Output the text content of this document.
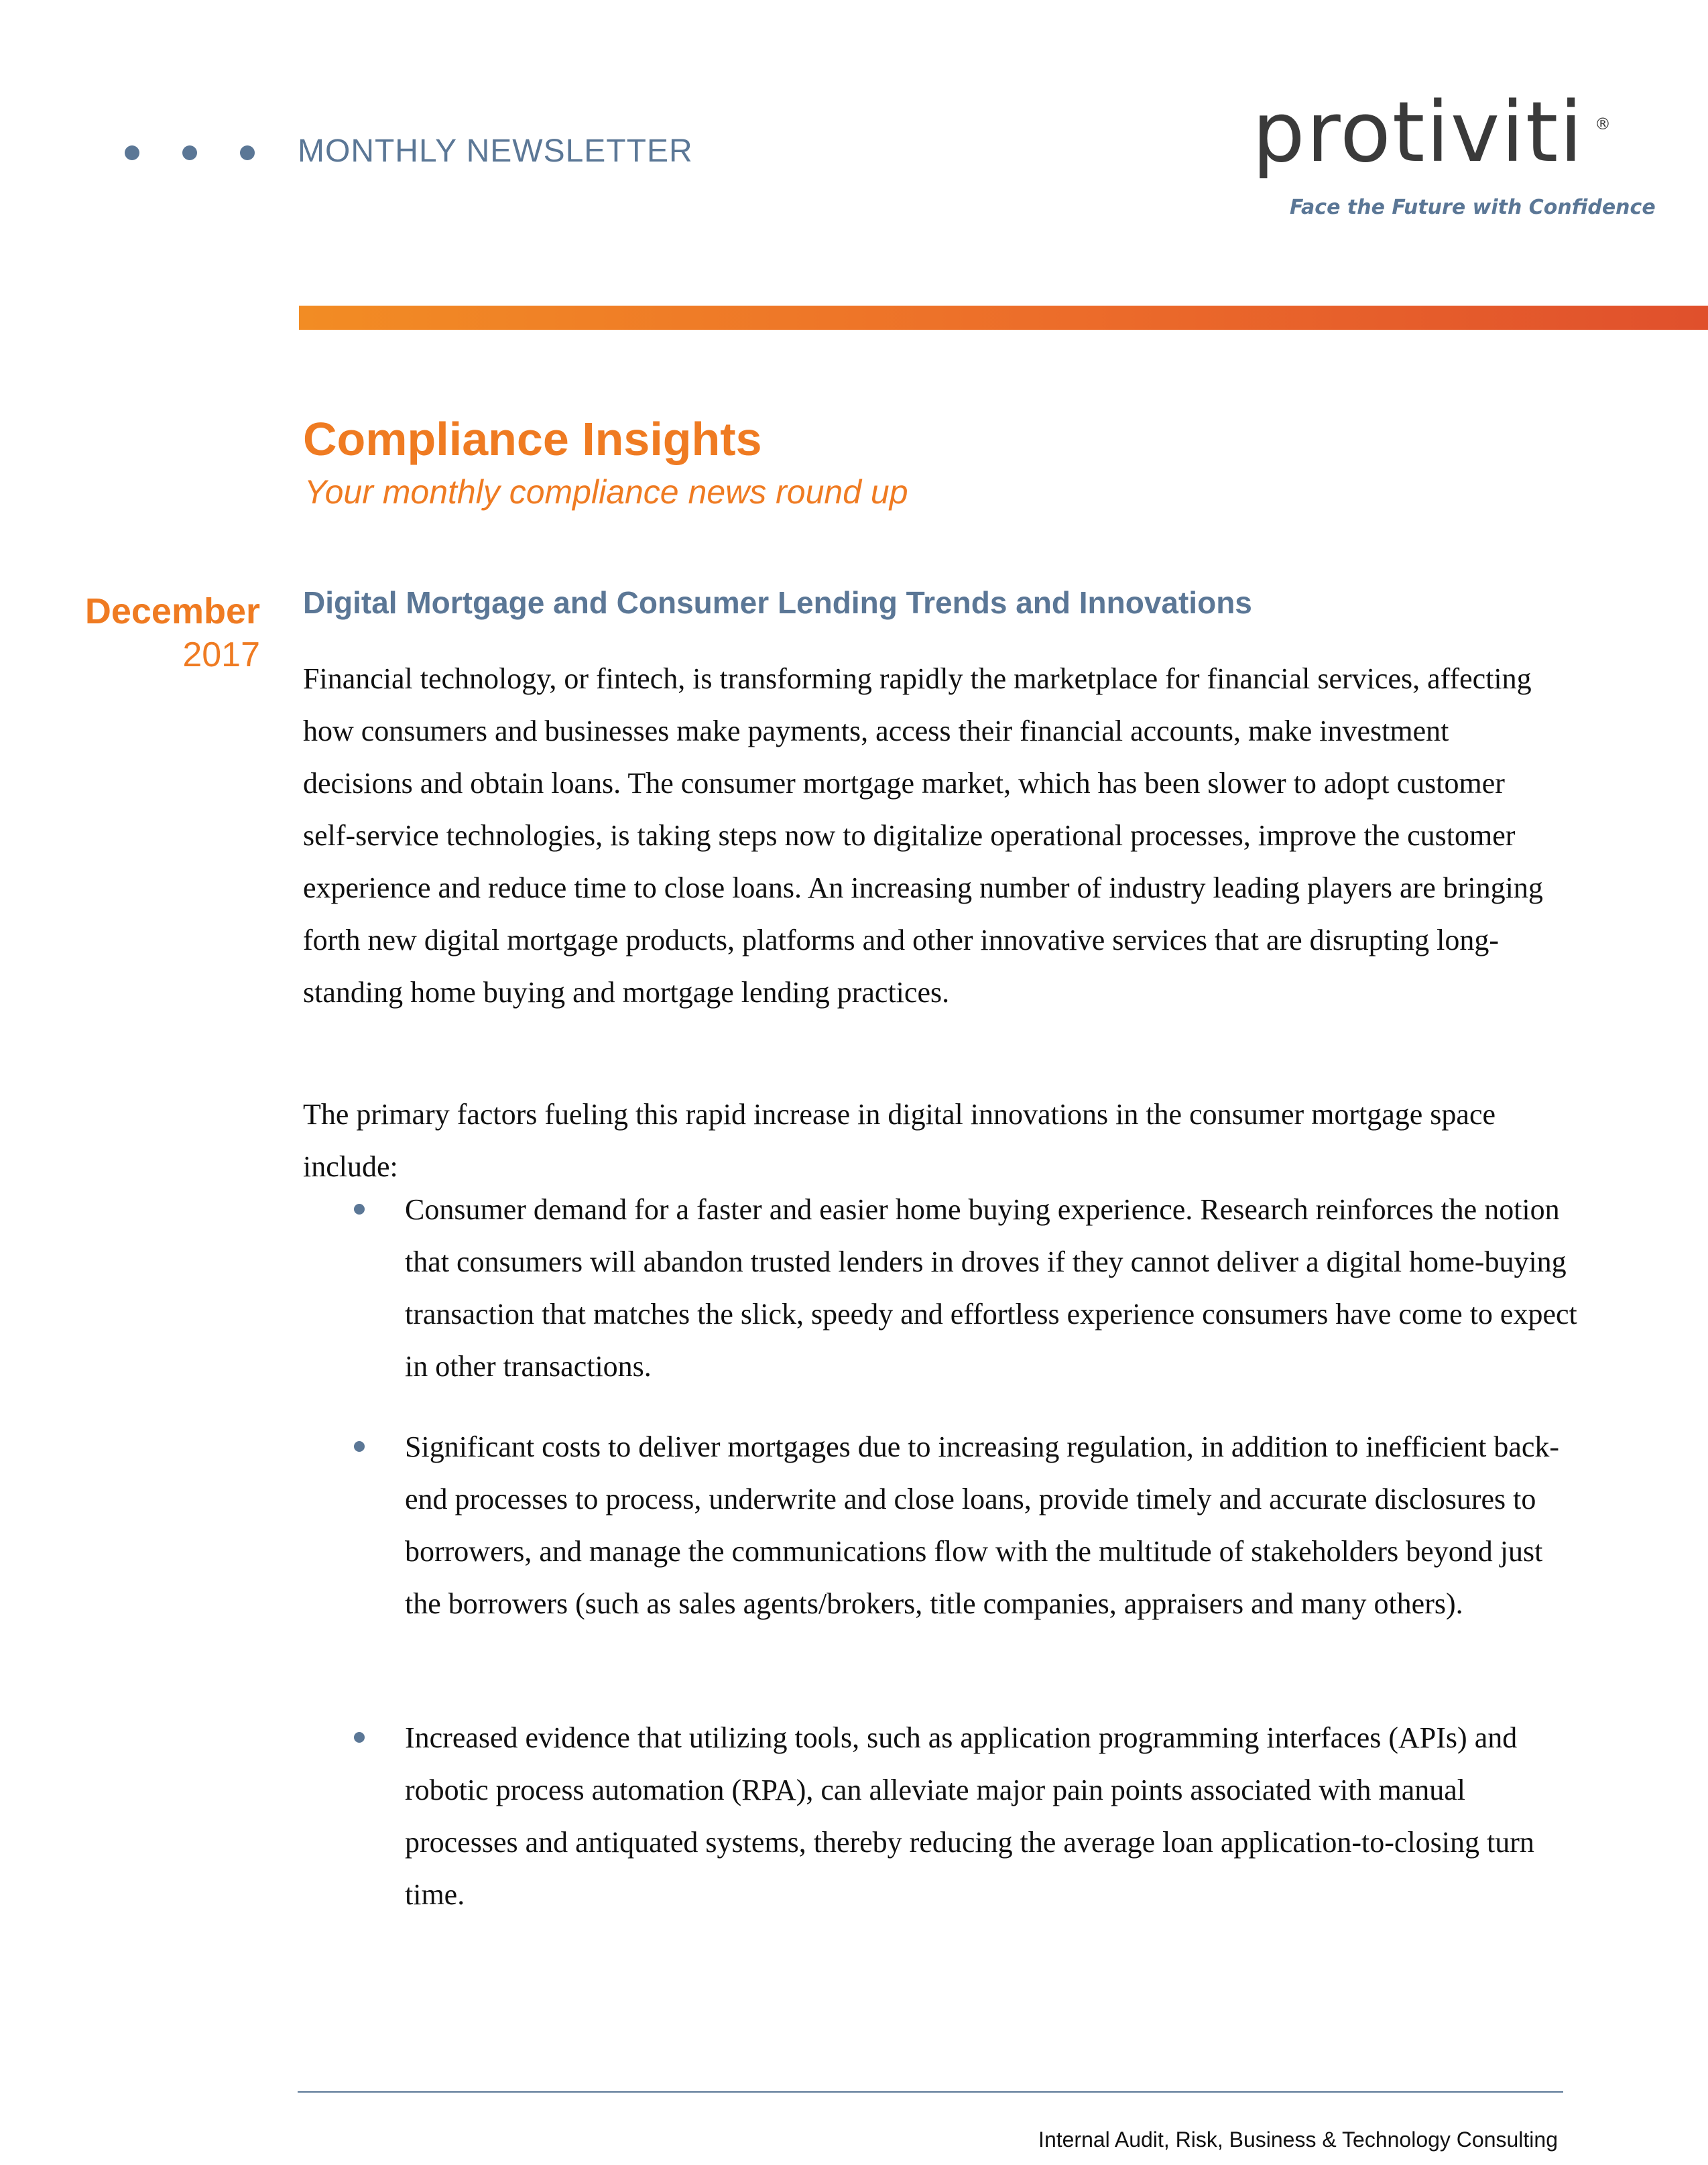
MONTHLY NEWSLETTER	protiviti ®
Face the Future with Confidence
Compliance Insights
Your monthly compliance news round up
December
2017
Digital Mortgage and Consumer Lending Trends and Innovations

Financial technology, or fintech, is transforming rapidly the marketplace for financial services, affecting how consumers and businesses make payments, access their financial accounts, make investment decisions and obtain loans. The consumer mortgage market, which has been slower to adopt customer self-service technologies, is taking steps now to digitalize operational processes, improve the customer experience and reduce time to close loans. An increasing number of industry leading players are bringing forth new digital mortgage products, platforms and other innovative services that are disrupting long-standing home buying and mortgage lending practices.

The primary factors fueling this rapid increase in digital innovations in the consumer mortgage space include:

Consumer demand for a faster and easier home buying experience. Research reinforces the notion that consumers will abandon trusted lenders in droves if they cannot deliver a digital home-buying transaction that matches the slick, speedy and effortless experience consumers have come to expect in other transactions.
Significant costs to deliver mortgages due to increasing regulation, in addition to inefficient back-end processes to process, underwrite and close loans, provide timely and accurate disclosures to borrowers, and manage the communications flow with the multitude of stakeholders beyond just the borrowers (such as sales agents/brokers, title companies, appraisers and many others).
Increased evidence that utilizing tools, such as application programming interfaces (APIs) and robotic process automation (RPA), can alleviate major pain points associated with manual processes and antiquated systems, thereby reducing the average loan application-to-closing turn time.
Internal Audit, Risk, Business & Technology Consulting
